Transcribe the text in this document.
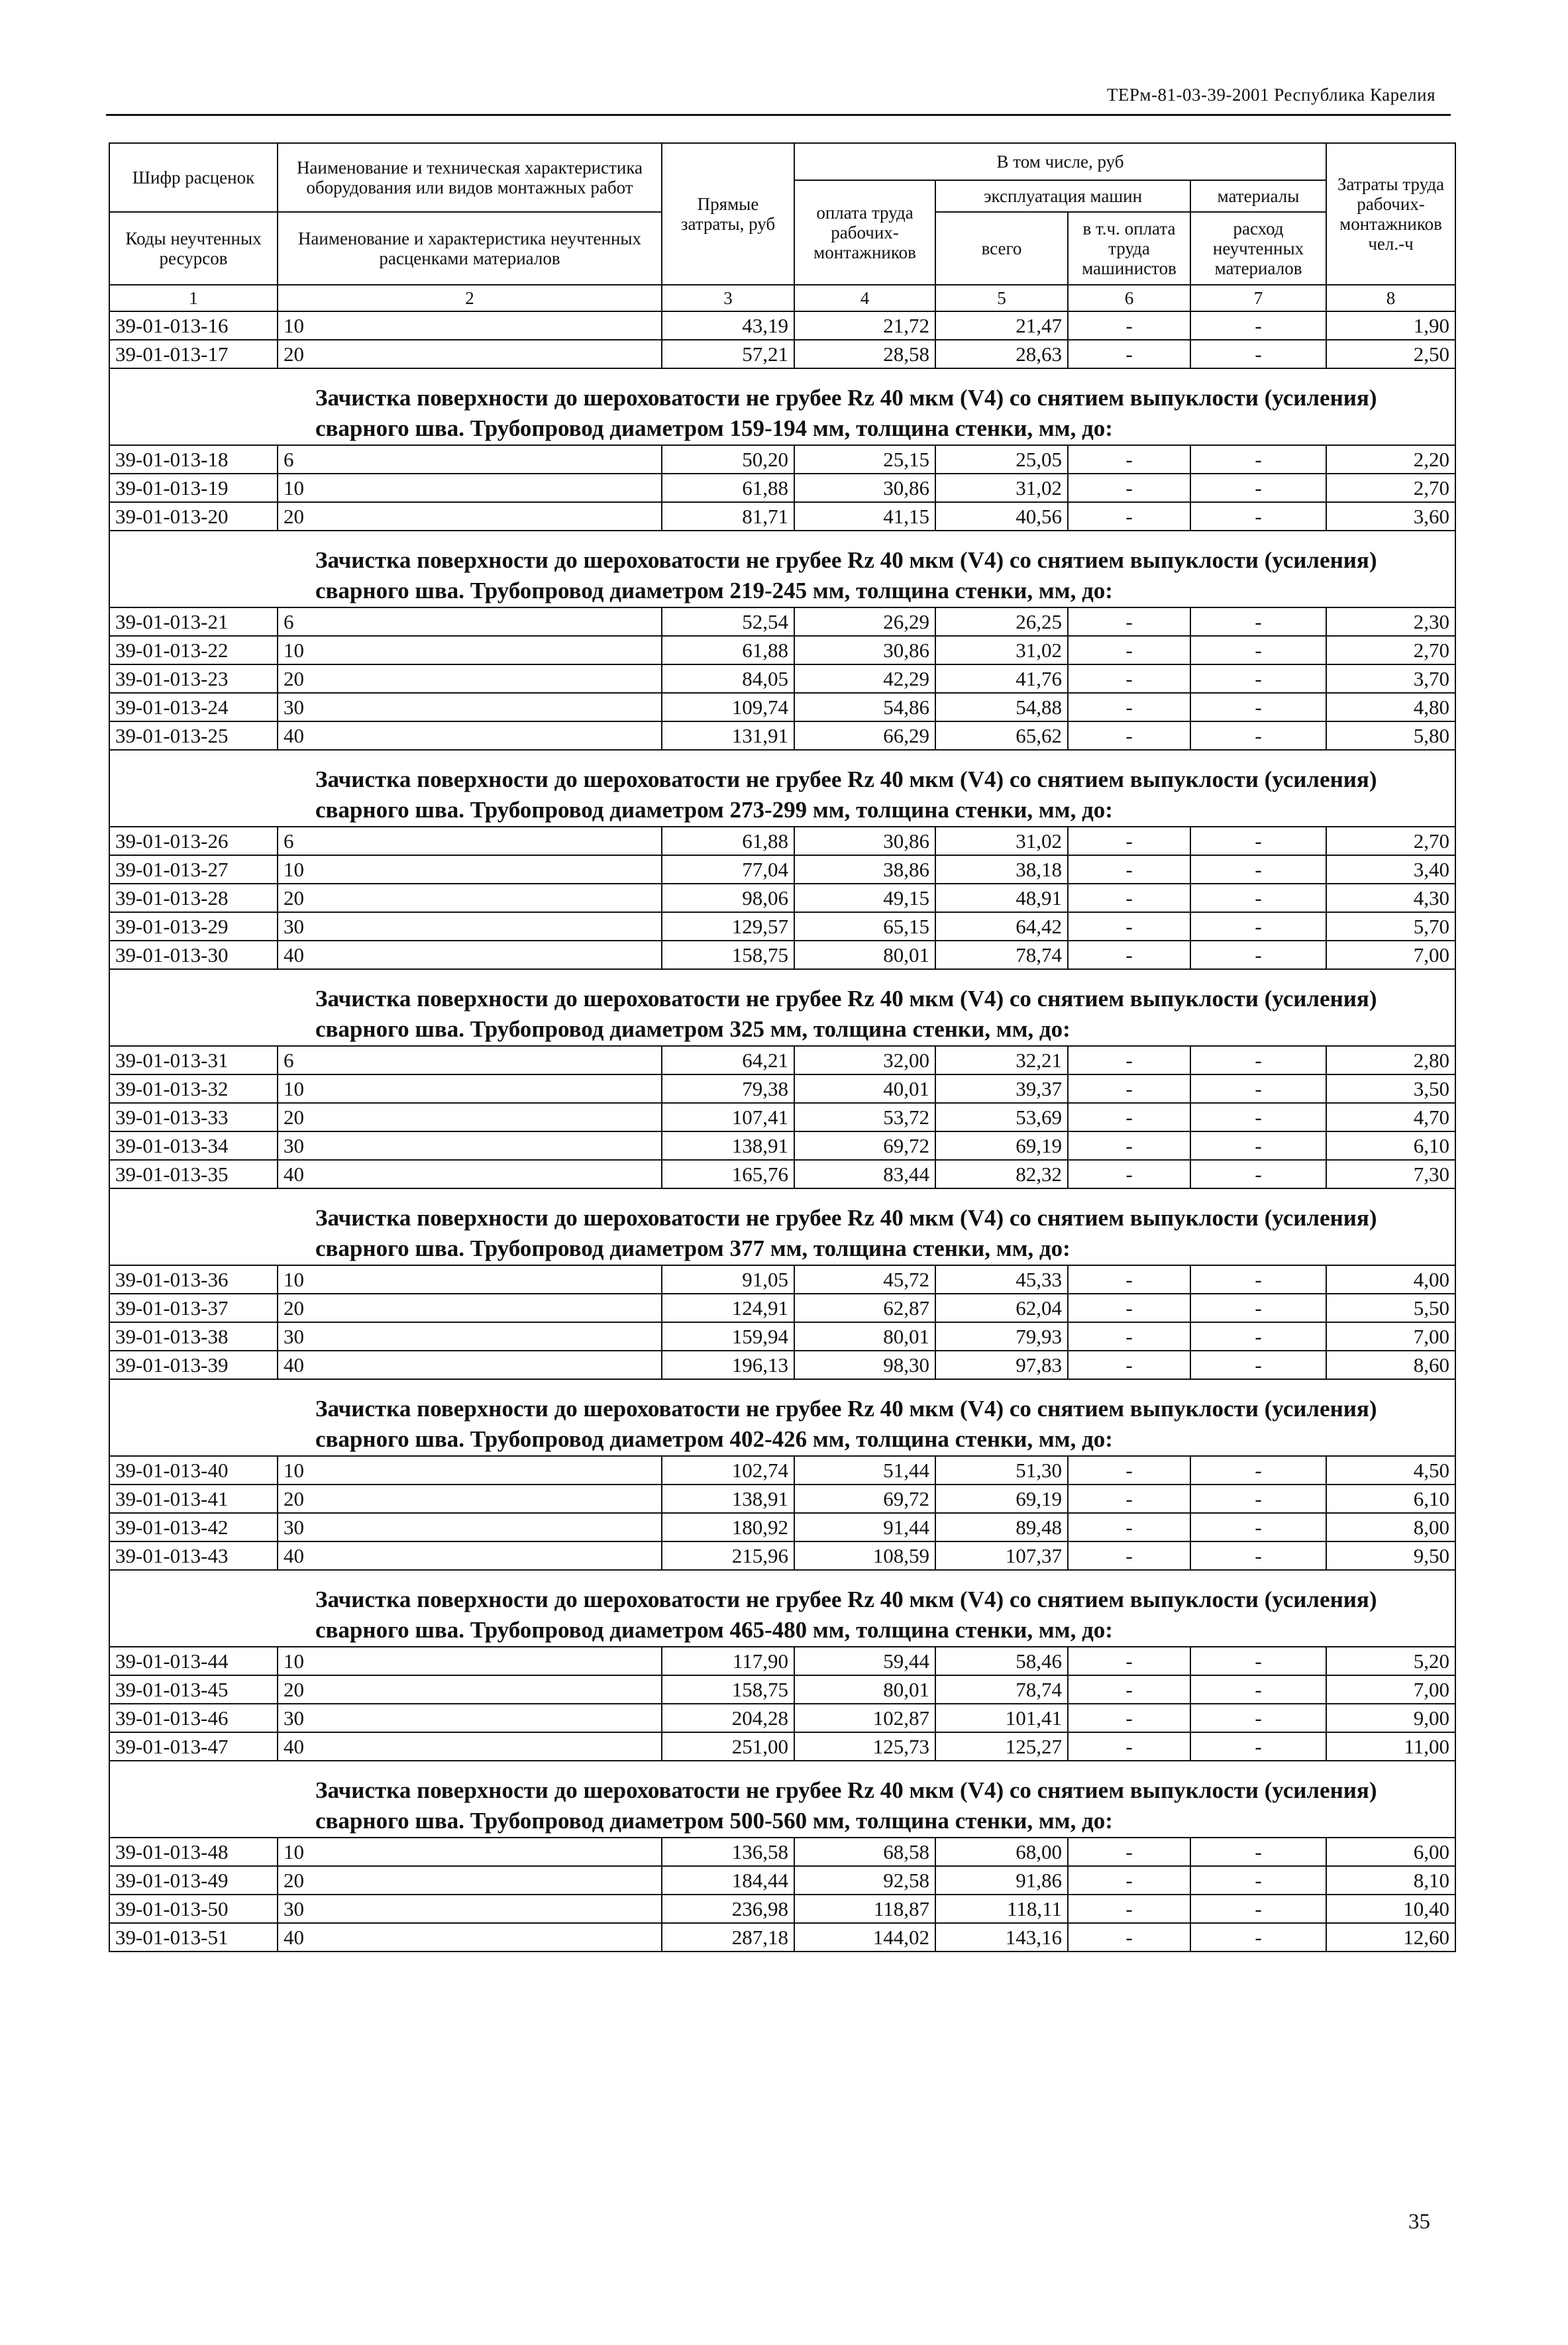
ТЕРм-81-03-39-2001 Республика Карелия
Шифр расценок	Наименование и техническая характеристика оборудования или видов монтажных работ	Прямые затраты, руб	В том числе, руб				Затраты труда рабочих-монтажников чел.-ч
			оплата труда рабочих-монтажников	эксплуатация машин		материалы	
Коды неучтенных ресурсов	Наименование и характеристика неучтенных расценками материалов			всего	в т.ч. оплата труда машинистов	расход неучтенных материалов	

1	2	3	4	5	6	7	8
39-01-013-16	10	43,19	21,72	21,47	-	-	1,90
39-01-013-17	20	57,21	28,58	28,63	-	-	2,50
Зачистка поверхности до шероховатости не грубее Rz 40 мкм (V4) со снятием выпуклости (усиления) сварного шва. Трубопровод диаметром 159-194 мм, толщина стенки, мм, до:							
39-01-013-18	6	50,20	25,15	25,05	-	-	2,20
39-01-013-19	10	61,88	30,86	31,02	-	-	2,70
39-01-013-20	20	81,71	41,15	40,56	-	-	3,60
Зачистка поверхности до шероховатости не грубее Rz 40 мкм (V4) со снятием выпуклости (усиления) сварного шва. Трубопровод диаметром 219-245 мм, толщина стенки, мм, до:							
39-01-013-21	6	52,54	26,29	26,25	-	-	2,30
39-01-013-22	10	61,88	30,86	31,02	-	-	2,70
39-01-013-23	20	84,05	42,29	41,76	-	-	3,70
39-01-013-24	30	109,74	54,86	54,88	-	-	4,80
39-01-013-25	40	131,91	66,29	65,62	-	-	5,80
Зачистка поверхности до шероховатости не грубее Rz 40 мкм (V4) со снятием выпуклости (усиления) сварного шва. Трубопровод диаметром 273-299 мм, толщина стенки, мм, до:							
39-01-013-26	6	61,88	30,86	31,02	-	-	2,70
39-01-013-27	10	77,04	38,86	38,18	-	-	3,40
39-01-013-28	20	98,06	49,15	48,91	-	-	4,30
39-01-013-29	30	129,57	65,15	64,42	-	-	5,70
39-01-013-30	40	158,75	80,01	78,74	-	-	7,00
Зачистка поверхности до шероховатости не грубее Rz 40 мкм (V4) со снятием выпуклости (усиления) сварного шва. Трубопровод диаметром 325 мм, толщина стенки, мм, до:							
39-01-013-31	6	64,21	32,00	32,21	-	-	2,80
39-01-013-32	10	79,38	40,01	39,37	-	-	3,50
39-01-013-33	20	107,41	53,72	53,69	-	-	4,70
39-01-013-34	30	138,91	69,72	69,19	-	-	6,10
39-01-013-35	40	165,76	83,44	82,32	-	-	7,30
Зачистка поверхности до шероховатости не грубее Rz 40 мкм (V4) со снятием выпуклости (усиления) сварного шва. Трубопровод диаметром 377 мм, толщина стенки, мм, до:							
39-01-013-36	10	91,05	45,72	45,33	-	-	4,00
39-01-013-37	20	124,91	62,87	62,04	-	-	5,50
39-01-013-38	30	159,94	80,01	79,93	-	-	7,00
39-01-013-39	40	196,13	98,30	97,83	-	-	8,60
Зачистка поверхности до шероховатости не грубее Rz 40 мкм (V4) со снятием выпуклости (усиления) сварного шва. Трубопровод диаметром 402-426 мм, толщина стенки, мм, до:							
39-01-013-40	10	102,74	51,44	51,30	-	-	4,50
39-01-013-41	20	138,91	69,72	69,19	-	-	6,10
39-01-013-42	30	180,92	91,44	89,48	-	-	8,00
39-01-013-43	40	215,96	108,59	107,37	-	-	9,50
Зачистка поверхности до шероховатости не грубее Rz 40 мкм (V4) со снятием выпуклости (усиления) сварного шва. Трубопровод диаметром 465-480 мм, толщина стенки, мм, до:							
39-01-013-44	10	117,90	59,44	58,46	-	-	5,20
39-01-013-45	20	158,75	80,01	78,74	-	-	7,00
39-01-013-46	30	204,28	102,87	101,41	-	-	9,00
39-01-013-47	40	251,00	125,73	125,27	-	-	11,00
Зачистка поверхности до шероховатости не грубее Rz 40 мкм (V4) со снятием выпуклости (усиления) сварного шва. Трубопровод диаметром 500-560 мм, толщина стенки, мм, до:							
39-01-013-48	10	136,58	68,58	68,00	-	-	6,00
39-01-013-49	20	184,44	92,58	91,86	-	-	8,10
39-01-013-50	30	236,98	118,87	118,11	-	-	10,40
39-01-013-51	40	287,18	144,02	143,16	-	-	12,60
35
